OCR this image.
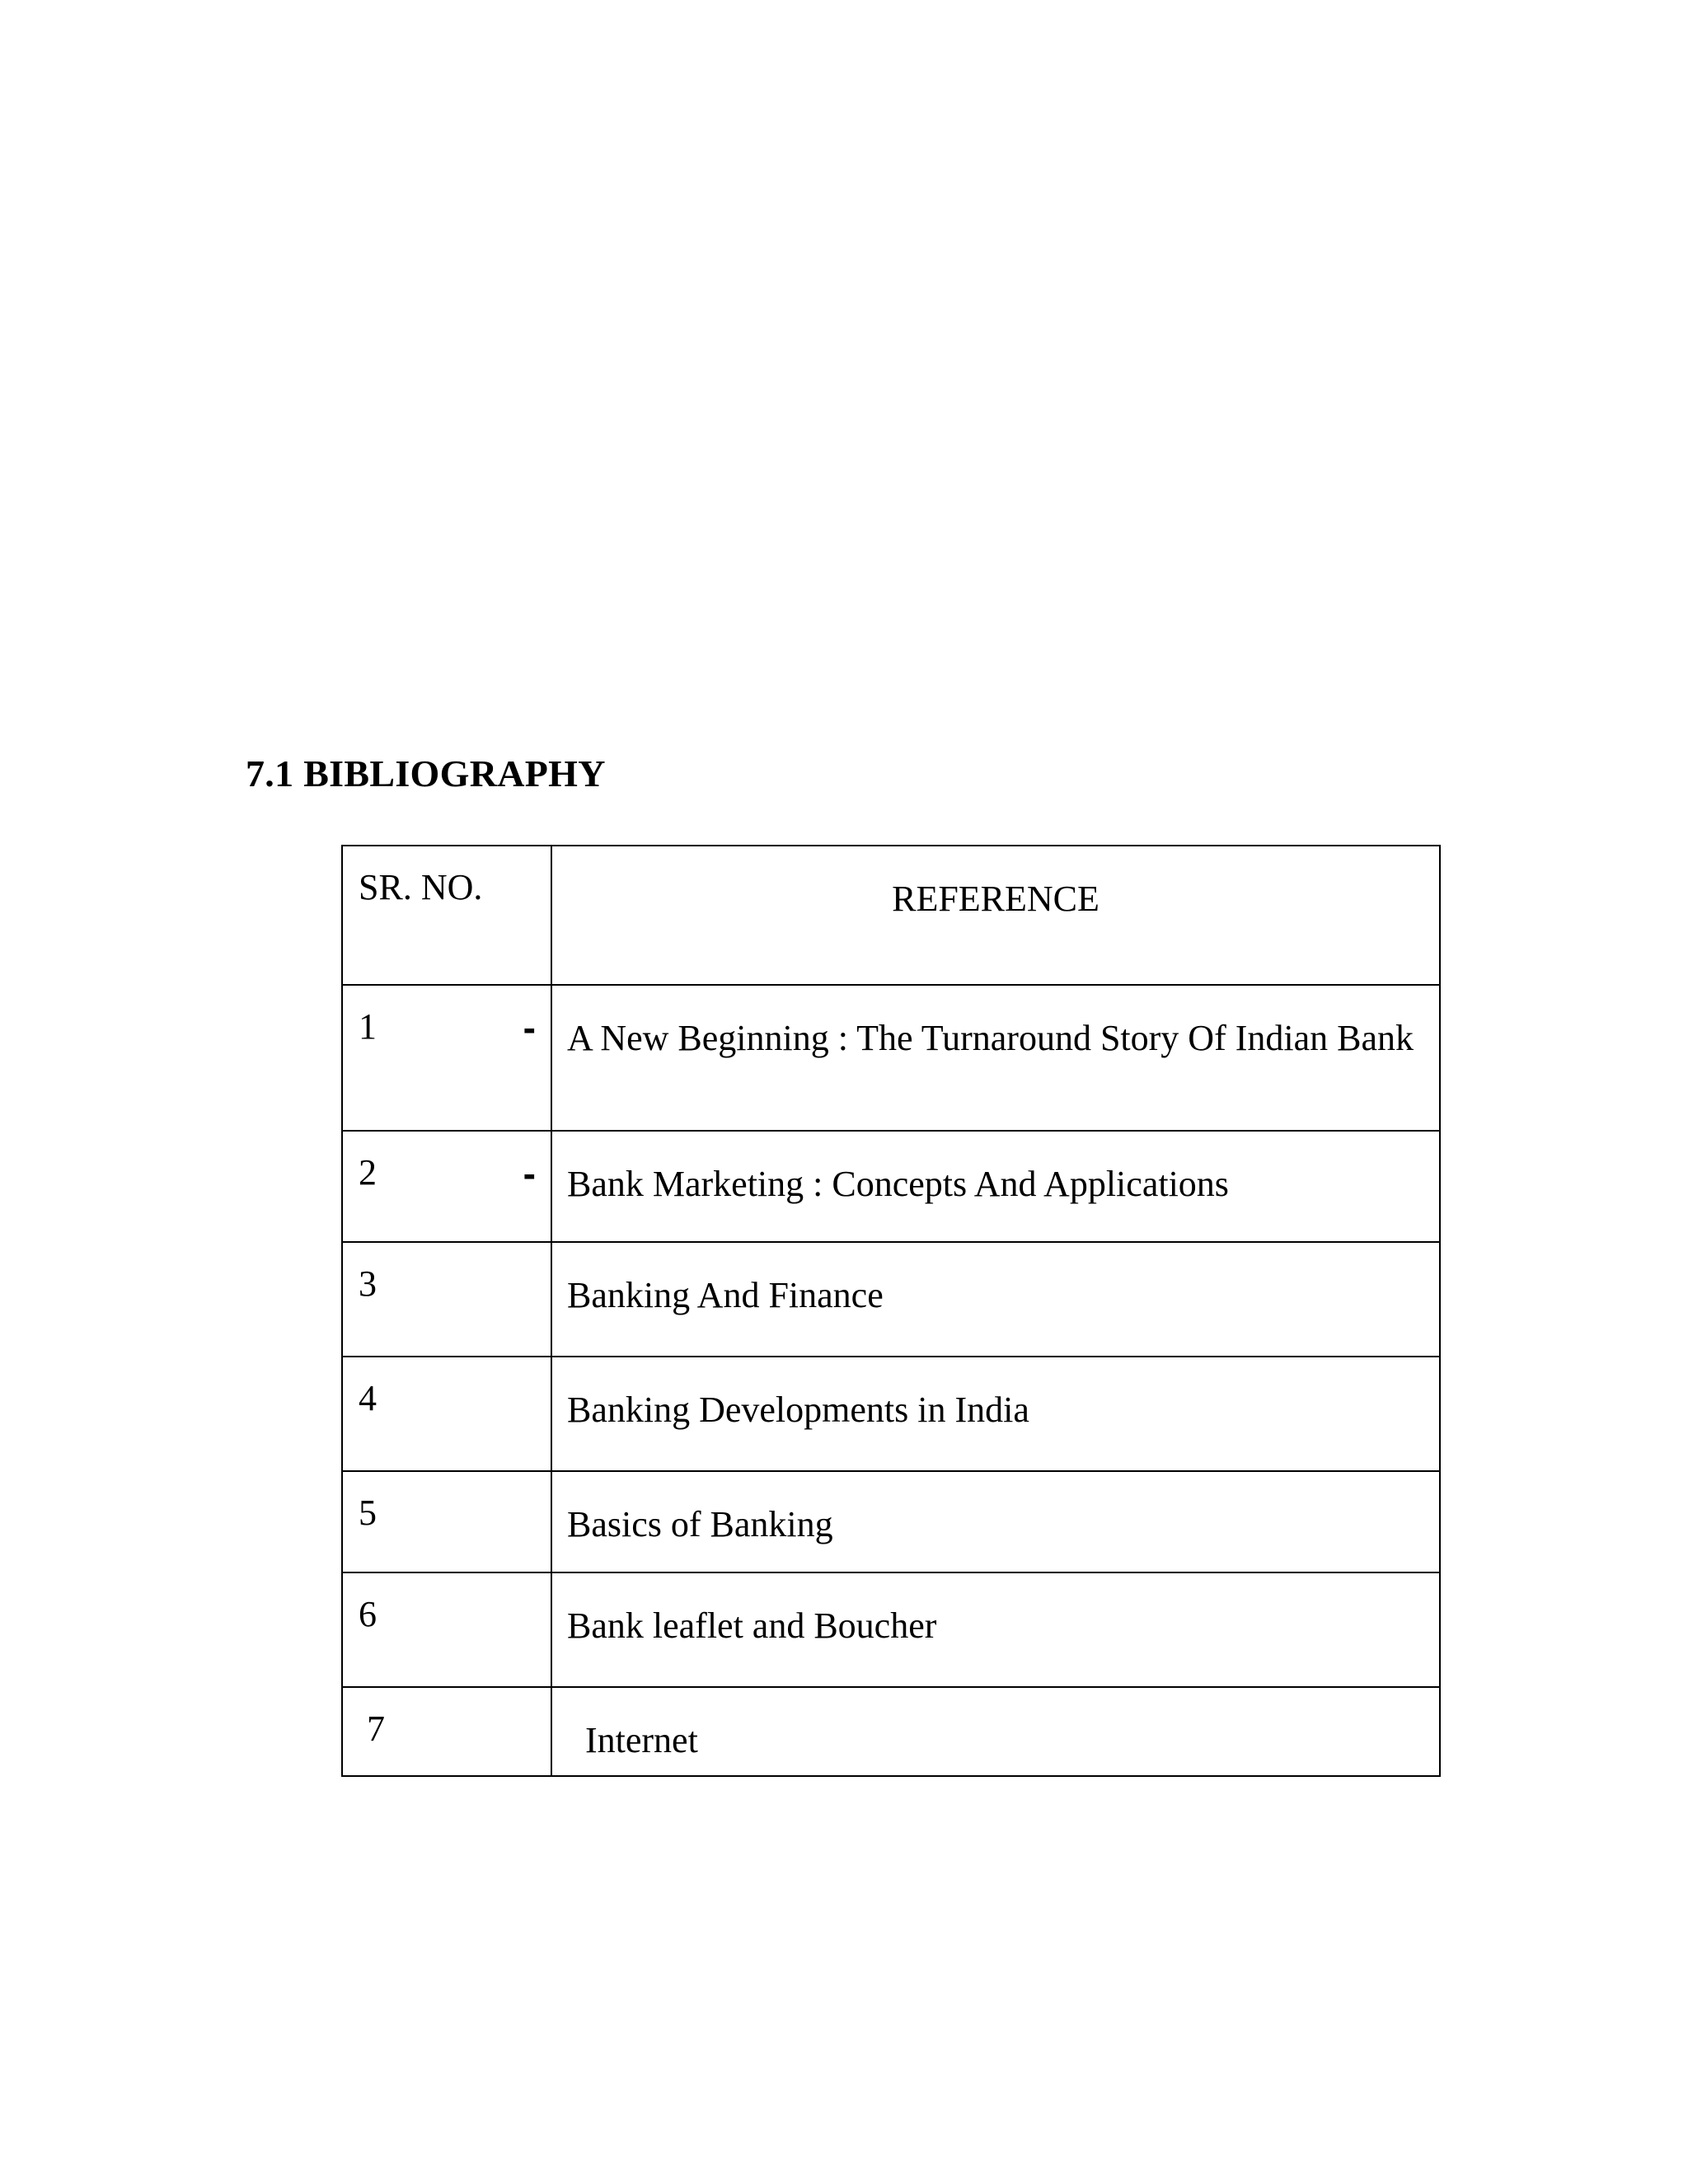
7.1 BIBLIOGRAPHY
SR. NO.	REFERENCE
1 -	A New Beginning : The Turnaround Story Of Indian Bank
2 -	Bank Marketing : Concepts And Applications
3	Banking And Finance
4	Banking Developments in India
5	Basics of Banking
6	Bank leaflet and Boucher
7	Internet
